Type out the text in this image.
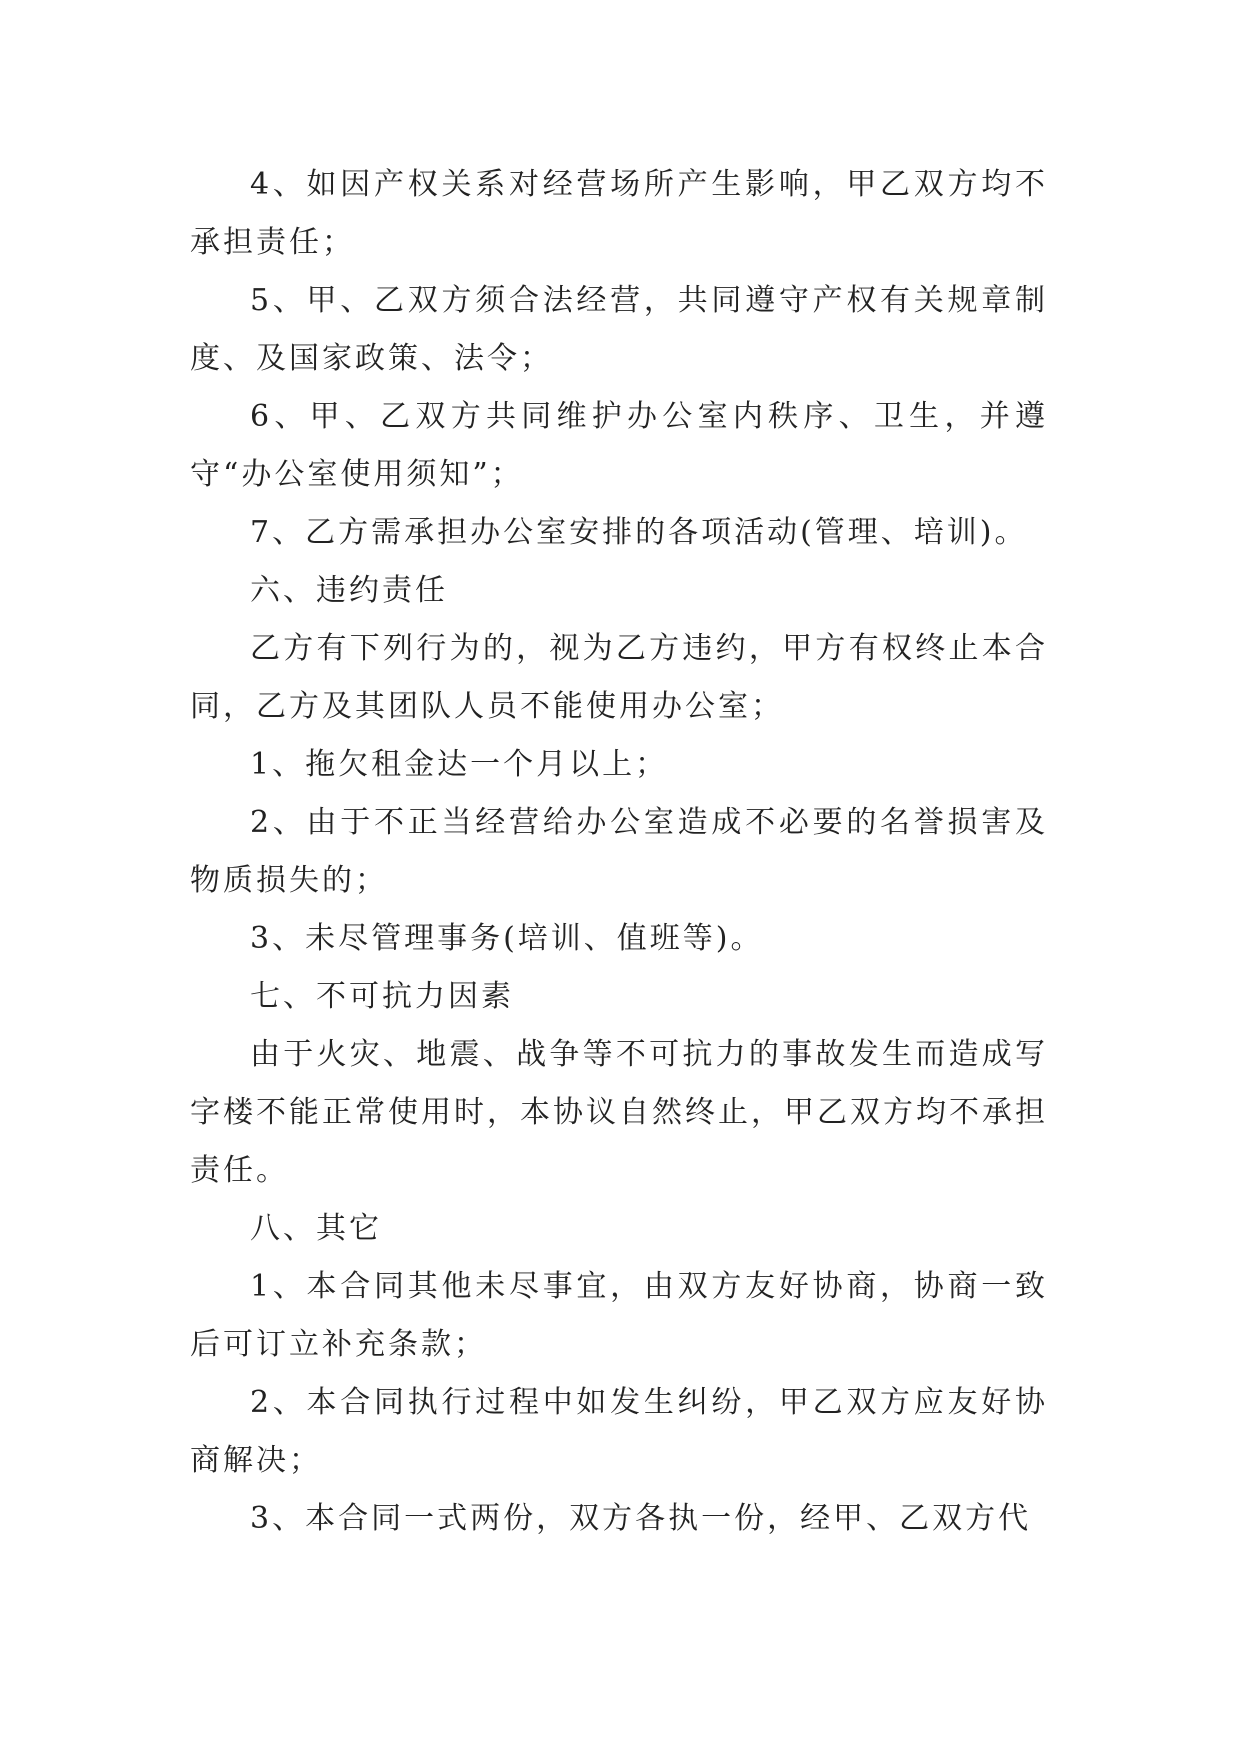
4、如因产权关系对经营场所产生影响，甲乙双方均不承担责任；

5、甲、乙双方须合法经营，共同遵守产权有关规章制度、及国家政策、法令；

6、甲、乙双方共同维护办公室内秩序、卫生，并遵守“办公室使用须知”；

7、乙方需承担办公室安排的各项活动(管理、培训)。

六、违约责任

乙方有下列行为的，视为乙方违约，甲方有权终止本合同，乙方及其团队人员不能使用办公室；

1、拖欠租金达一个月以上；

2、由于不正当经营给办公室造成不必要的名誉损害及物质损失的；

3、未尽管理事务(培训、值班等)。

七、不可抗力因素

由于火灾、地震、战争等不可抗力的事故发生而造成写字楼不能正常使用时，本协议自然终止，甲乙双方均不承担责任。

八、其它

1、本合同其他未尽事宜，由双方友好协商，协商一致后可订立补充条款；

2、本合同执行过程中如发生纠纷，甲乙双方应友好协商解决；

3、本合同一式两份，双方各执一份，经甲、乙双方代
